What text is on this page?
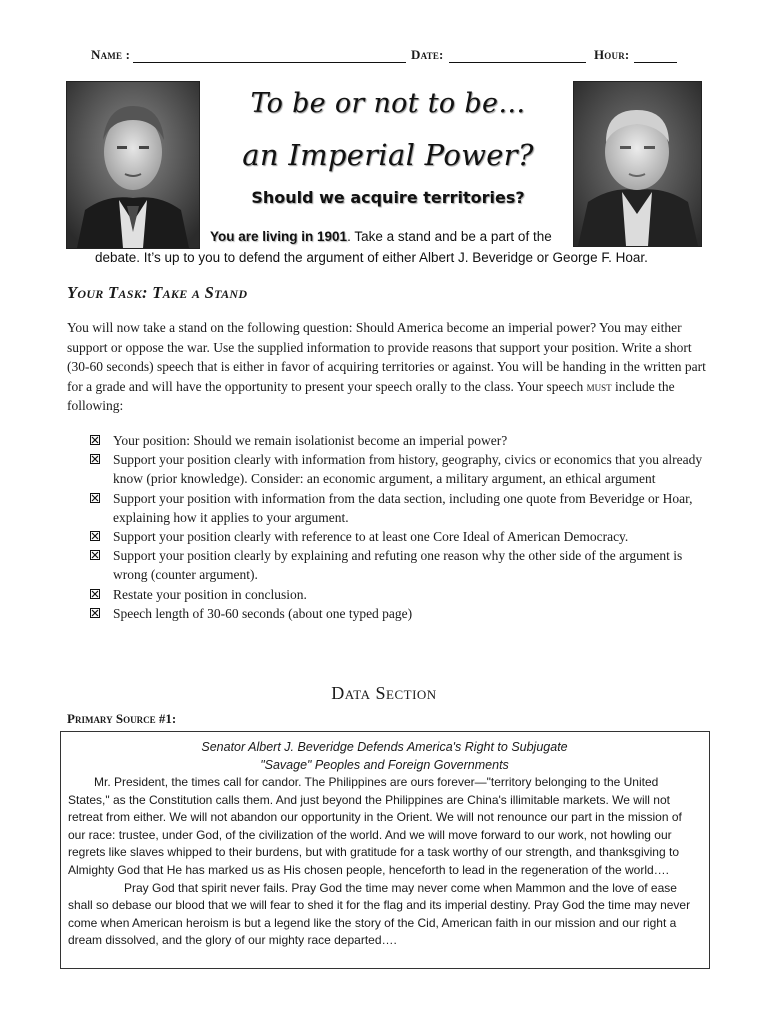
Name :	Date:	Hour:
To be or not to be…
an Imperial Power?
Should we acquire territories?
You are living in 1901. Take a stand and be a part of the
debate. It’s up to you to defend the argument of either Albert J. Beveridge or George F. Hoar.
Your Task: Take a Stand

You will now take a stand on the following question: Should America become an imperial power? You may either support or oppose the war. Use the supplied information to provide reasons that support your position. Write a short (30-60 seconds) speech that is either in favor of acquiring territories or against. You will be handing in the written part for a grade and will have the opportunity to present your speech orally to the class. Your speech must include the following:

Your position: Should we remain isolationist become an imperial power?
Support your position clearly with information from history, geography, civics or economics that you already know (prior knowledge). Consider: an economic argument, a military argument, an ethical argument
Support your position with information from the data section, including one quote from Beveridge or Hoar, explaining how it applies to your argument.
Support your position clearly with reference to at least one Core Ideal of American Democracy.
Support your position clearly by explaining and refuting one reason why the other side of the argument is wrong (counter argument).
Restate your position in conclusion.
Speech length of 30-60 seconds (about one typed page)
Data Section
Primary Source #1:

Senator Albert J. Beveridge Defends America's Right to Subjugate

"Savage" Peoples and Foreign Governments

Mr. President, the times call for candor. The Philippines are ours forever—"territory belonging to the United States," as the Constitution calls them. And just beyond the Philippines are China's illimitable markets. We will not retreat from either. We will not abandon our opportunity in the Orient. We will not renounce our part in the mission of our race: trustee, under God, of the civilization of the world. And we will move forward to our work, not howling our regrets like slaves whipped to their burdens, but with gratitude for a task worthy of our strength, and thanksgiving to Almighty God that He has marked us as His chosen people, henceforth to lead in the regeneration of the world….

Pray God that spirit never fails. Pray God the time may never come when Mammon and the love of ease shall so debase our blood that we will fear to shed it for the flag and its imperial destiny. Pray God the time may never come when American heroism is but a legend like the story of the Cid, American faith in our mission and our right a dream dissolved, and the glory of our mighty race departed….
